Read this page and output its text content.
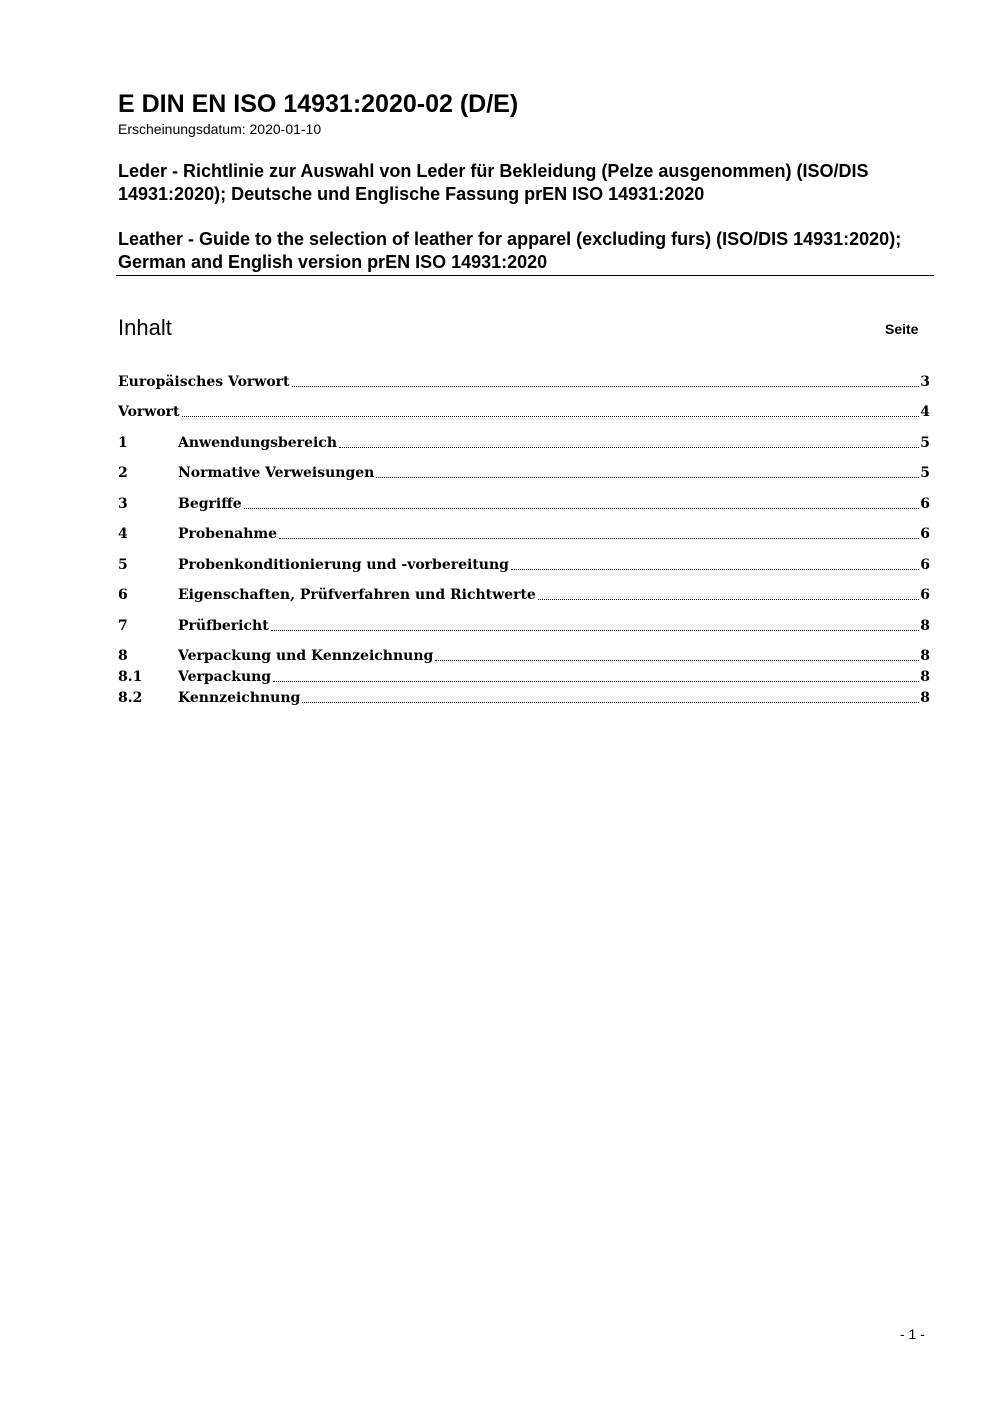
E DIN EN ISO 14931:2020-02 (D/E)
Erscheinungsdatum: 2020-01-10
Leder - Richtlinie zur Auswahl von Leder für Bekleidung (Pelze ausgenommen) (ISO/DIS 14931:2020); Deutsche und Englische Fassung prEN ISO 14931:2020
Leather - Guide to the selection of leather for apparel (excluding furs) (ISO/DIS 14931:2020); German and English version prEN ISO 14931:2020
Inhalt	Seite
Europäisches Vorwort	3
Vorwort	4
1	Anwendungsbereich	5
2	Normative Verweisungen	5
3	Begriffe	6
4	Probenahme	6
5	Probenkonditionierung und -vorbereitung	6
6	Eigenschaften, Prüfverfahren und Richtwerte	6
7	Prüfbericht	8
8	Verpackung und Kennzeichnung	8
8.1	Verpackung	8
8.2	Kennzeichnung	8
- 1 -
